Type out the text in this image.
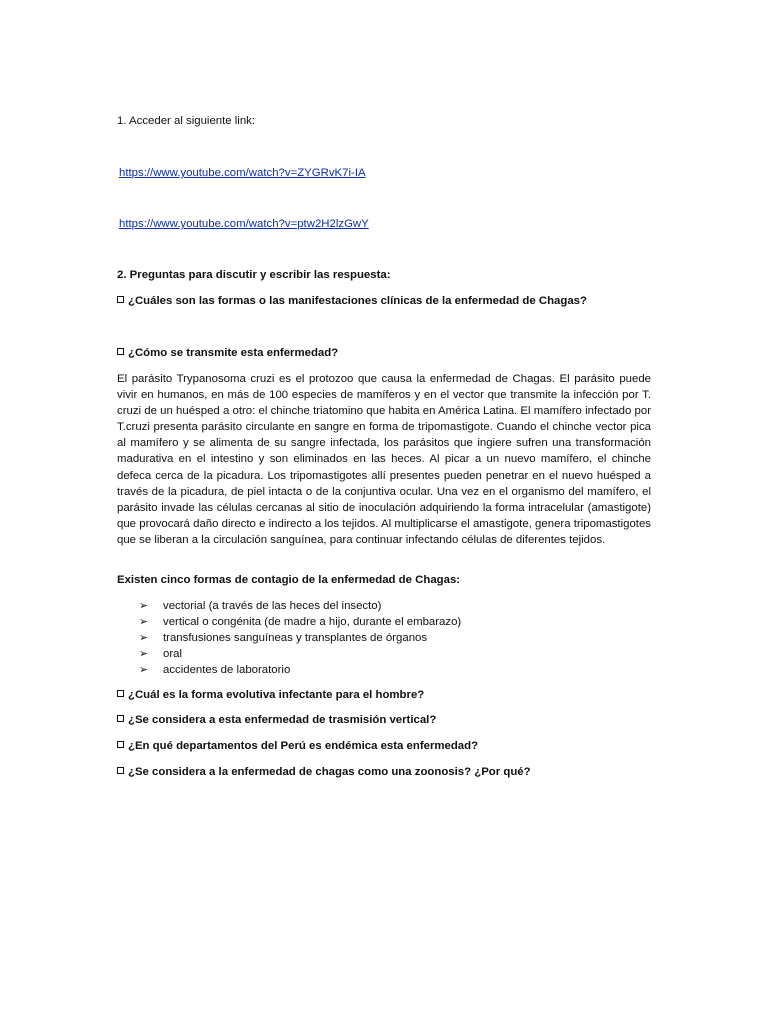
1. Acceder al siguiente link:
https://www.youtube.com/watch?v=ZYGRvK7i-IA
https://www.youtube.com/watch?v=ptw2H2lzGwY
2. Preguntas para discutir y escribir las respuesta:
¿Cuáles son las formas o las manifestaciones clínicas de la enfermedad de Chagas?
¿Cómo se transmite esta enfermedad?
El parásito Trypanosoma cruzi es el protozoo que causa la enfermedad de Chagas. El parásito puede vivir en humanos, en más de 100 especies de mamíferos y en el vector que transmite la infección por T. cruzi de un huésped a otro: el chinche triatomino que habita en América Latina. El mamífero infectado por T.cruzi presenta parásito circulante en sangre en forma de tripomastigote. Cuando el chinche vector pica al mamífero y se alimenta de su sangre infectada, los parásitos que ingiere sufren una transformación madurativa en el intestino y son eliminados en las heces. Al picar a un nuevo mamífero, el chinche defeca cerca de la picadura. Los tripomastigotes allí presentes pueden penetrar en el nuevo huésped a través de la picadura, de piel intacta o de la conjuntiva ocular. Una vez en el organismo del mamífero, el parásito invade las células cercanas al sitio de inoculación adquiriendo la forma intracelular (amastigote) que provocará daño directo e indirecto a los tejidos. Al multiplicarse el amastigote, genera tripomastigotes que se liberan a la circulación sanguínea, para continuar infectando células de diferentes tejidos.
Existen cinco formas de contagio de la enfermedad de Chagas:
➢ vectorial (a través de las heces del insecto)
➢ vertical o congénita (de madre a hijo, durante el embarazo)
➢ transfusiones sanguíneas y transplantes de órganos
➢ oral
➢ accidentes de laboratorio
¿Cuál es la forma evolutiva infectante para el hombre?
¿Se considera a esta enfermedad de trasmisión vertical?
¿En qué departamentos del Perú es endémica esta enfermedad?
¿Se considera a la enfermedad de chagas como una zoonosis? ¿Por qué?
